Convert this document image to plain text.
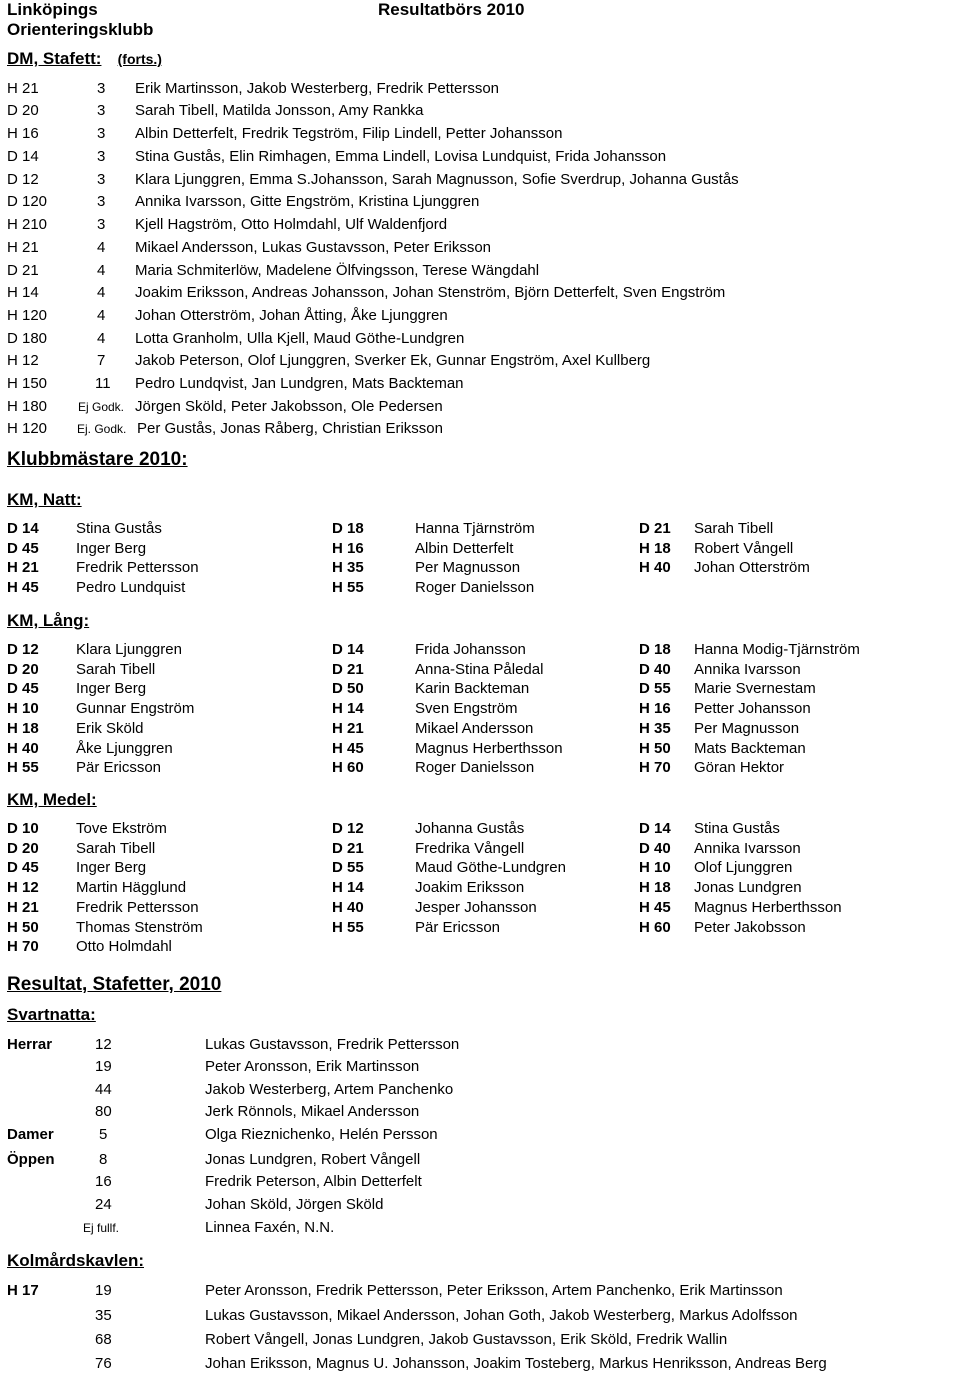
Linköpings
Orienteringsklubb
Resultatbörs 2010
DM, Stafett: (forts.)
H 21	3 Erik Martinsson, Jakob Westerberg, Fredrik Pettersson
D 20	3 Sarah Tibell, Matilda Jonsson, Amy Rankka
H 16	3 Albin Detterfelt, Fredrik Tegström, Filip Lindell, Petter Johansson
D 14	3 Stina Gustås, Elin Rimhagen, Emma Lindell, Lovisa Lundquist, Frida Johansson
D 12	3 Klara Ljunggren, Emma S.Johansson, Sarah Magnusson, Sofie Sverdrup, Johanna Gustås
D 120	3 Annika Ivarsson, Gitte Engström, Kristina Ljunggren
H 210	3 Kjell Hagström, Otto Holmdahl, Ulf Waldenfjord
H 21	4 Mikael Andersson, Lukas Gustavsson, Peter Eriksson
D 21	4 Maria Schmiterlöw, Madelene Ölfvingsson, Terese Wängdahl
H 14	4 Joakim Eriksson, Andreas Johansson, Johan Stenström, Björn Detterfelt, Sven Engström
H 120	4 Johan Otterström, Johan Åtting, Åke Ljunggren
D 180	4 Lotta Granholm, Ulla Kjell, Maud Göthe-Lundgren
H 12	7 Jakob Peterson, Olof Ljunggren, Sverker Ek, Gunnar Engström, Axel Kullberg
H 150	11 Pedro Lundqvist, Jan Lundgren, Mats Backteman
H 180	Ej Godk. Jörgen Sköld, Peter Jakobsson, Ole Pedersen
H 120 Ej. Godk. Per Gustås, Jonas Råberg, Christian Eriksson
Klubbmästare 2010:
KM, Natt:
D 14 Stina Gustås	D 18	Hanna Tjärnström	D 21 Sarah Tibell
D 45 Inger Berg	H 16	Albin Detterfelt	H 18 Robert Vångell
H 21 Fredrik Pettersson	H 35	Per Magnusson	H 40 Johan Otterström
H 45 Pedro Lundquist	H 55	Roger Danielsson
KM, Lång:
D 12 Klara Ljunggren	D 14	Frida Johansson	D 18 Hanna Modig-Tjärnström
D 20 Sarah Tibell	D 21	Anna-Stina Påledal	D 40 Annika Ivarsson
D 45 Inger Berg	D 50	Karin Backteman	D 55 Marie Svernestam
H 10 Gunnar Engström	H 14	Sven Engström	H 16 Petter Johansson
H 18 Erik Sköld	H 21	Mikael Andersson	H 35 Per Magnusson
H 40 Åke Ljunggren	H 45	Magnus Herberthsson	H 50 Mats Backteman
H 55 Pär Ericsson	H 60	Roger Danielsson	H 70 Göran Hektor
KM, Medel:
D 10 Tove Ekström	D 12	Johanna Gustås	D 14 Stina Gustås
D 20 Sarah Tibell	D 21	Fredrika Vångell	D 40 Annika Ivarsson
D 45 Inger Berg	D 55	Maud Göthe-Lundgren	H 10 Olof Ljunggren
H 12 Martin Hägglund	H 14	Joakim Eriksson	H 18 Jonas Lundgren
H 21 Fredrik Pettersson	H 40	Jesper Johansson	H 45 Magnus Herberthsson
H 50 Thomas Stenström	H 55	Pär Ericsson	H 60 Peter Jakobsson
H 70 Otto Holmdahl
Resultat, Stafetter, 2010
Svartnatta:
Herrar	12	Lukas Gustavsson, Fredrik Pettersson
19	Peter Aronsson, Erik Martinsson
44	Jakob Westerberg, Artem Panchenko
80	Jerk Rönnols, Mikael Andersson
Damer	5	Olga Rieznichenko, Helén Persson
Öppen	8	Jonas Lundgren, Robert Vångell
16	Fredrik Peterson, Albin Detterfelt
24	Johan Sköld, Jörgen Sköld
Ej fullf.	Linnea Faxén, N.N.
Kolmårdskavlen:
H 17	19	Peter Aronsson, Fredrik Pettersson, Peter Eriksson, Artem Panchenko, Erik Martinsson
35	Lukas Gustavsson, Mikael Andersson, Johan Goth, Jakob Westerberg, Markus Adolfsson
68	Robert Vångell, Jonas Lundgren, Jakob Gustavsson, Erik Sköld, Fredrik Wallin
76	Johan Eriksson, Magnus U. Johansson, Joakim Tosteberg, Markus Henriksson, Andreas Berg
